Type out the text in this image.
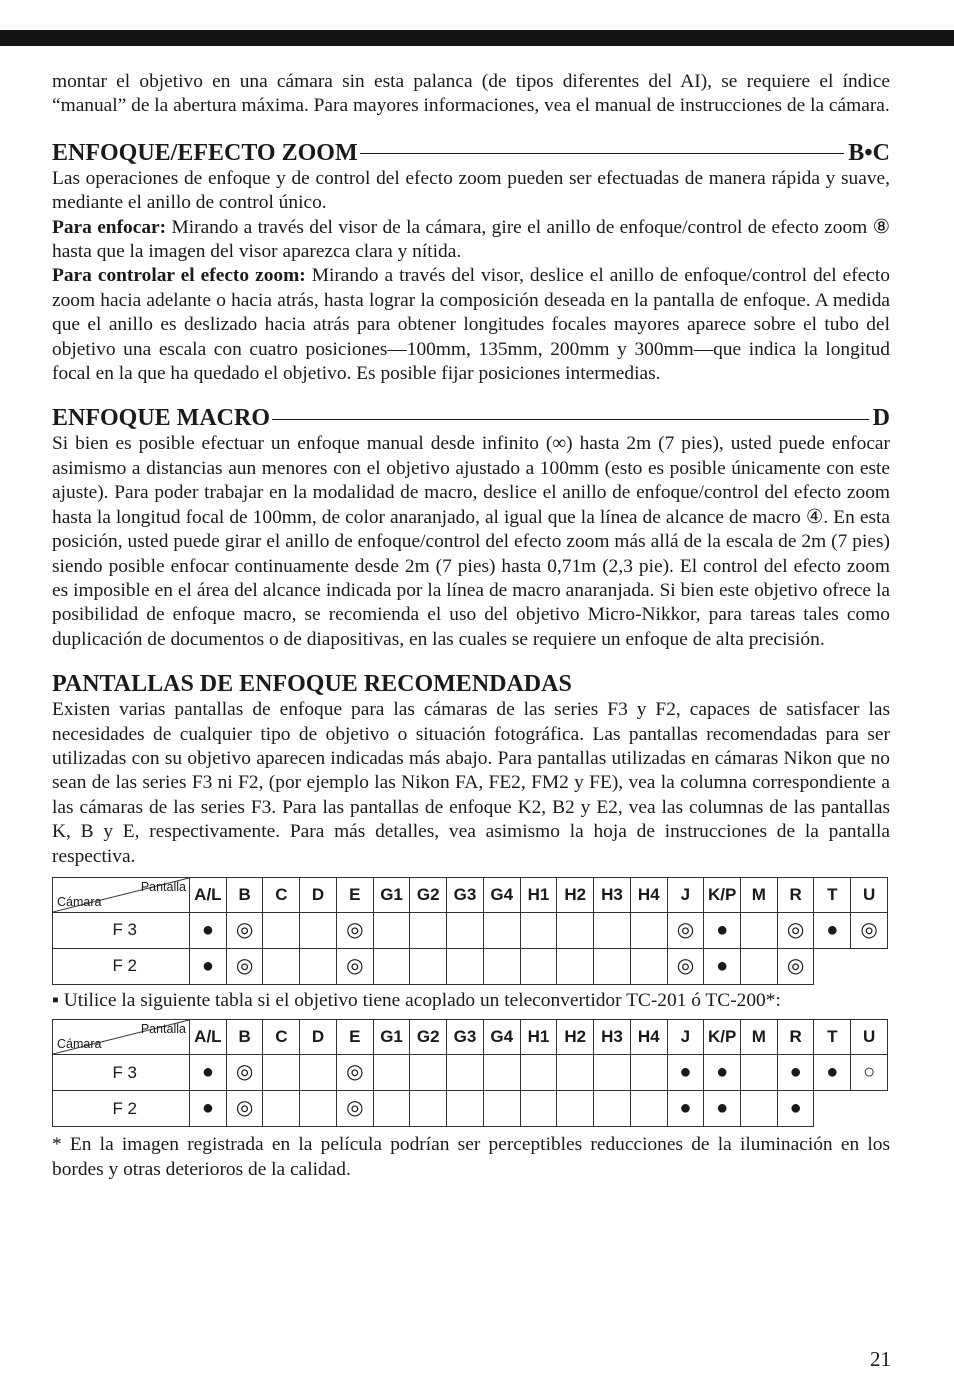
montar el objetivo en una cámara sin esta palanca (de tipos diferentes del AI), se requiere el índice “manual” de la abertura máxima. Para mayores informaciones, vea el manual de instrucciones de la cámara.

ENFOQUE/EFECTO ZOOM	B•C

Las operaciones de enfoque y de control del efecto zoom pueden ser efectuadas de manera rápida y suave, mediante el anillo de control único.

Para enfocar: Mirando a través del visor de la cámara, gire el anillo de enfoque/control de efecto zoom ⑧ hasta que la imagen del visor aparezca clara y nítida.

Para controlar el efecto zoom: Mirando a través del visor, deslice el anillo de enfoque/control del efecto zoom hacia adelante o hacia atrás, hasta lograr la composición deseada en la pantalla de enfoque. A medida que el anillo es deslizado hacia atrás para obtener longitudes focales mayores aparece sobre el tubo del objetivo una escala con cuatro posiciones—100mm, 135mm, 200mm y 300mm—que indica la longitud focal en la que ha quedado el objetivo. Es posible fijar posiciones intermedias.

ENFOQUE MACRO	D

Si bien es posible efectuar un enfoque manual desde infinito (∞) hasta 2m (7 pies), usted puede enfocar asimismo a distancias aun menores con el objetivo ajustado a 100mm (esto es posible únicamente con este ajuste). Para poder trabajar en la modalidad de macro, deslice el anillo de enfoque/control del efecto zoom hasta la longitud focal de 100mm, de color anaranjado, al igual que la línea de alcance de macro ④. En esta posición, usted puede girar el anillo de enfoque/control del efecto zoom más allá de la escala de 2m (7 pies) siendo posible enfocar continuamente desde 2m (7 pies) hasta 0,71m (2,3 pie). El control del efecto zoom es imposible en el área del alcance indicada por la línea de macro anaranjada. Si bien este objetivo ofrece la posibilidad de enfoque macro, se recomienda el uso del objetivo Micro-Nikkor, para tareas tales como duplicación de documentos o de diapositivas, en las cuales se requiere un enfoque de alta precisión.

PANTALLAS DE ENFOQUE RECOMENDADAS

Existen varias pantallas de enfoque para las cámaras de las series F3 y F2, capaces de satisfacer las necesidades de cualquier tipo de objetivo o situación fotográfica. Las pantallas recomendadas para ser utilizadas con su objetivo aparecen indicadas más abajo. Para pantallas utilizadas en cámaras Nikon que no sean de las series F3 ni F2, (por ejemplo las Nikon FA, FE2, FM2 y FE), vea la columna correspondiente a las cámaras de las series F3. Para las pantallas de enfoque K2, B2 y E2, vea las columnas de las pantallas K, B y E, respectivamente. Para más detalles, vea asimismo la hoja de instrucciones de la pantalla respectiva.

Pantalla
Cámara	A/L	B	C	D	E	G1	G2	G3	G4	H1	H2	H3	H4	J	K/P	M	R	T	U
F 3	●	◎			◎									◎	●		◎	●	◎
F 2	●	◎			◎									◎	●		◎		

▪ Utilice la siguiente tabla si el objetivo tiene acoplado un teleconvertidor TC-201 ó TC-200*:

Pantalla
Cámara	A/L	B	C	D	E	G1	G2	G3	G4	H1	H2	H3	H4	J	K/P	M	R	T	U
F 3	●	◎			◎									●	●		●	●	○
F 2	●	◎			◎									●	●		●		

* En la imagen registrada en la película podrían ser perceptibles reducciones de la iluminación en los bordes y otras deterioros de la calidad.

21
